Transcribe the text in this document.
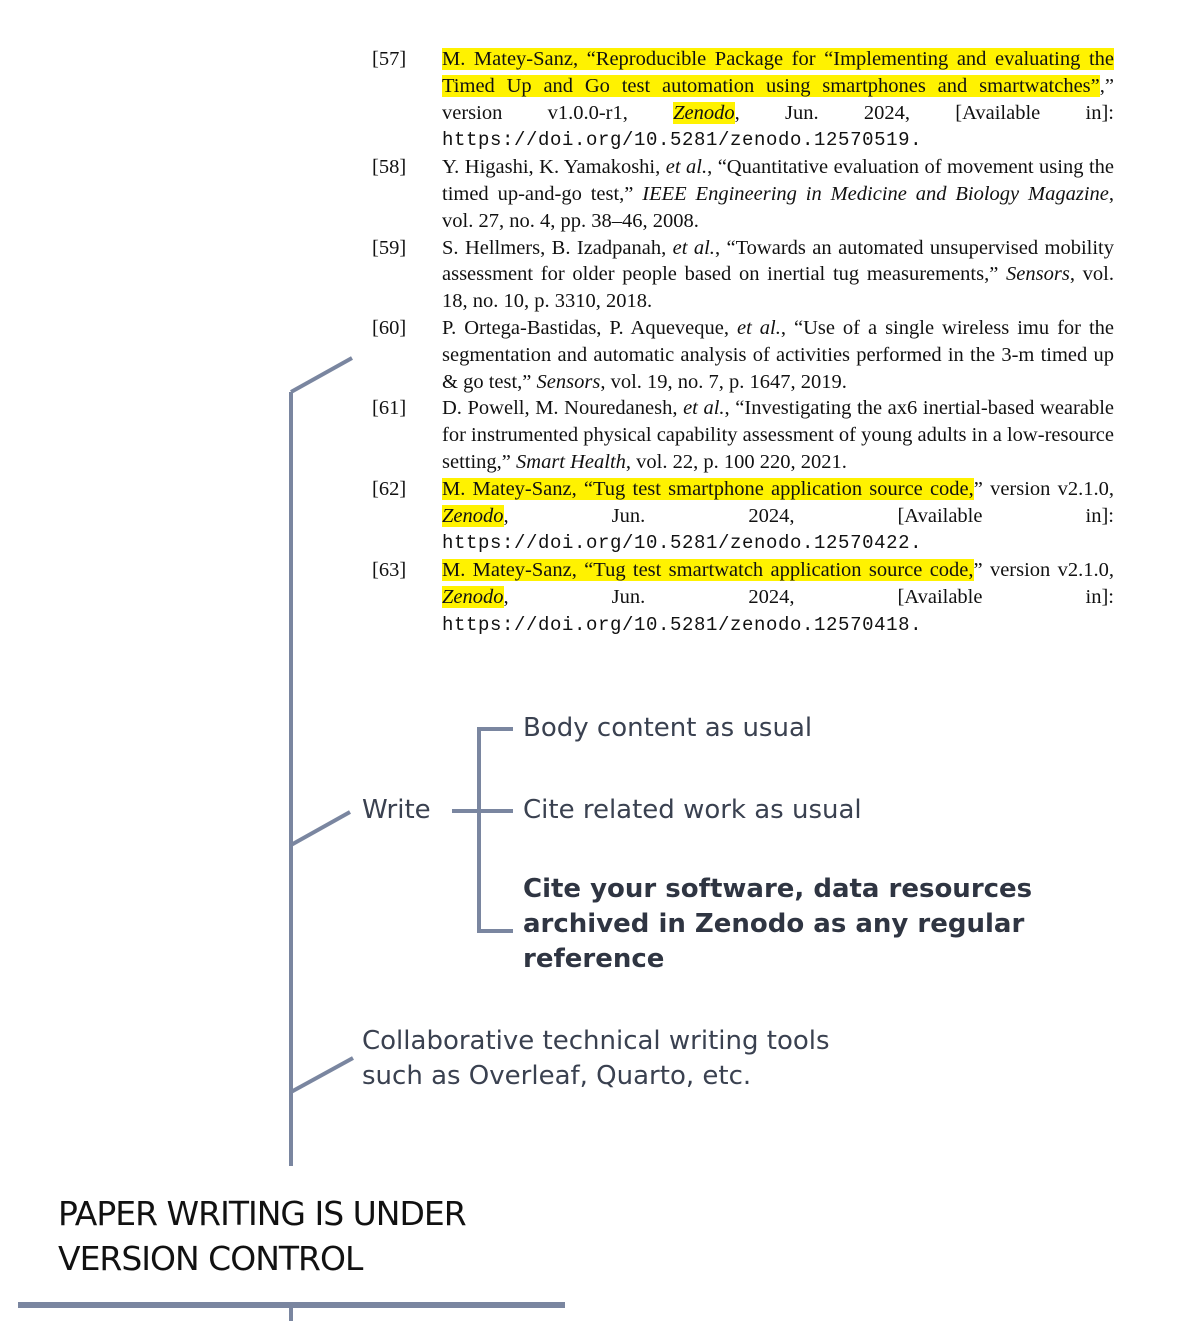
[57]	M. Matey-Sanz, “Reproducible Package for “Implementing and evaluating the Timed Up and Go test automation using smartphones and smartwatches”,” version v1.0.0-r1, Zenodo, Jun. 2024, [Available in]: https://doi.org/10.5281/zenodo.12570519.
[58]	Y. Higashi, K. Yamakoshi, et al., “Quantitative evaluation of movement using the timed up-and-go test,” IEEE Engineering in Medicine and Biology Magazine, vol. 27, no. 4, pp. 38–46, 2008.
[59]	S. Hellmers, B. Izadpanah, et al., “Towards an automated unsupervised mobility assessment for older people based on inertial tug measurements,” Sensors, vol. 18, no. 10, p. 3310, 2018.
[60]	P. Ortega-Bastidas, P. Aqueveque, et al., “Use of a single wireless imu for the segmentation and automatic analysis of activities performed in the 3-m timed up & go test,” Sensors, vol. 19, no. 7, p. 1647, 2019.
[61]	D. Powell, M. Nouredanesh, et al., “Investigating the ax6 inertial-based wearable for instrumented physical capability assessment of young adults in a low-resource setting,” Smart Health, vol. 22, p. 100 220, 2021.
[62]	M. Matey-Sanz, “Tug test smartphone application source code,” version v2.1.0, Zenodo, Jun. 2024, [Available in]: https://doi.org/10.5281/zenodo.12570422.
[63]	M. Matey-Sanz, “Tug test smartwatch application source code,” version v2.1.0, Zenodo, Jun. 2024, [Available in]: https://doi.org/10.5281/zenodo.12570418.
Write
Body content as usual
Cite related work as usual
Cite your software, data resources archived in Zenodo as any regular reference
Collaborative technical writing tools such as Overleaf, Quarto, etc.
PAPER WRITING IS UNDER VERSION CONTROL
